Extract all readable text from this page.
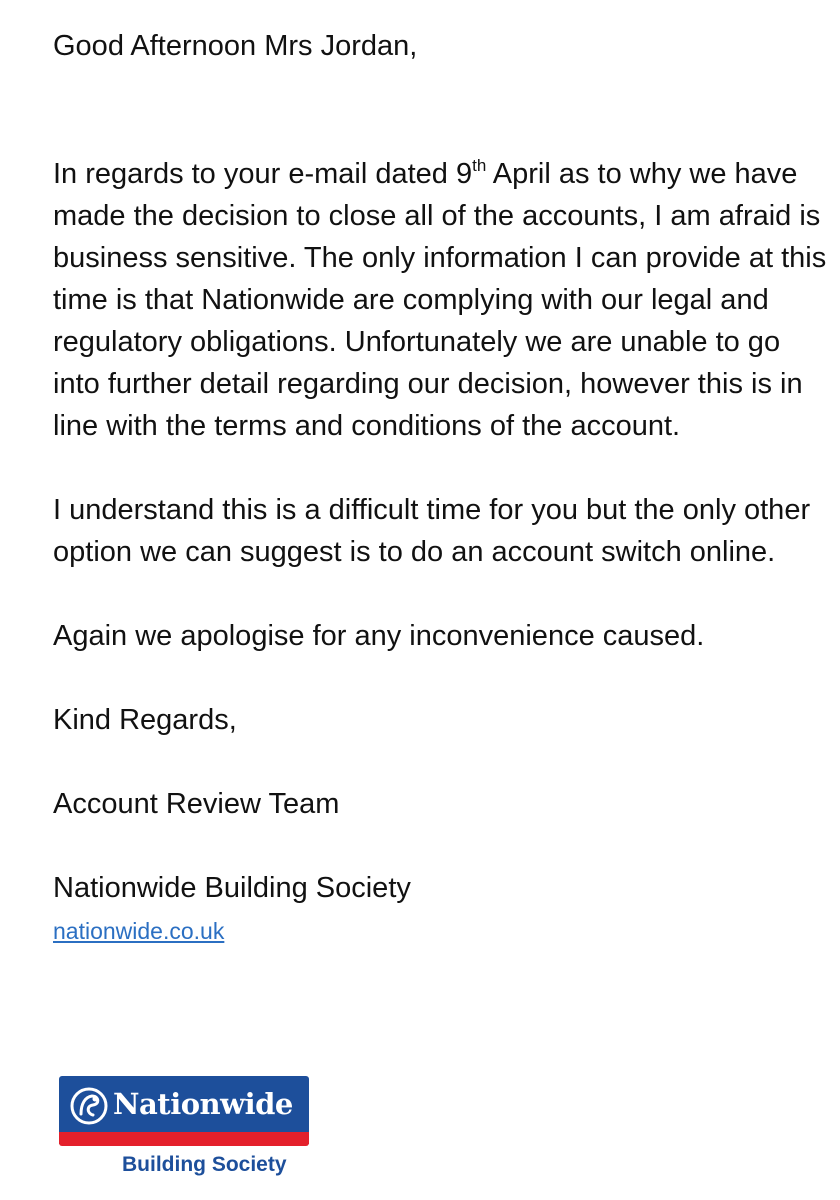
Good Afternoon Mrs Jordan,

In regards to your e-mail dated 9th April as to why we have made the decision to close all of the accounts, I am afraid is business sensitive. The only information I can provide at this time is that Nationwide are complying with our legal and regulatory obligations. Unfortunately we are unable to go into further detail regarding our decision, however this is in line with the terms and conditions of the account.

I understand this is a difficult time for you but the only other option we can suggest is to do an account switch online.

Again we apologise for any inconvenience caused.

Kind Regards,

Account Review Team

Nationwide Building Society

nationwide.co.uk
Nationwide
Building Society
